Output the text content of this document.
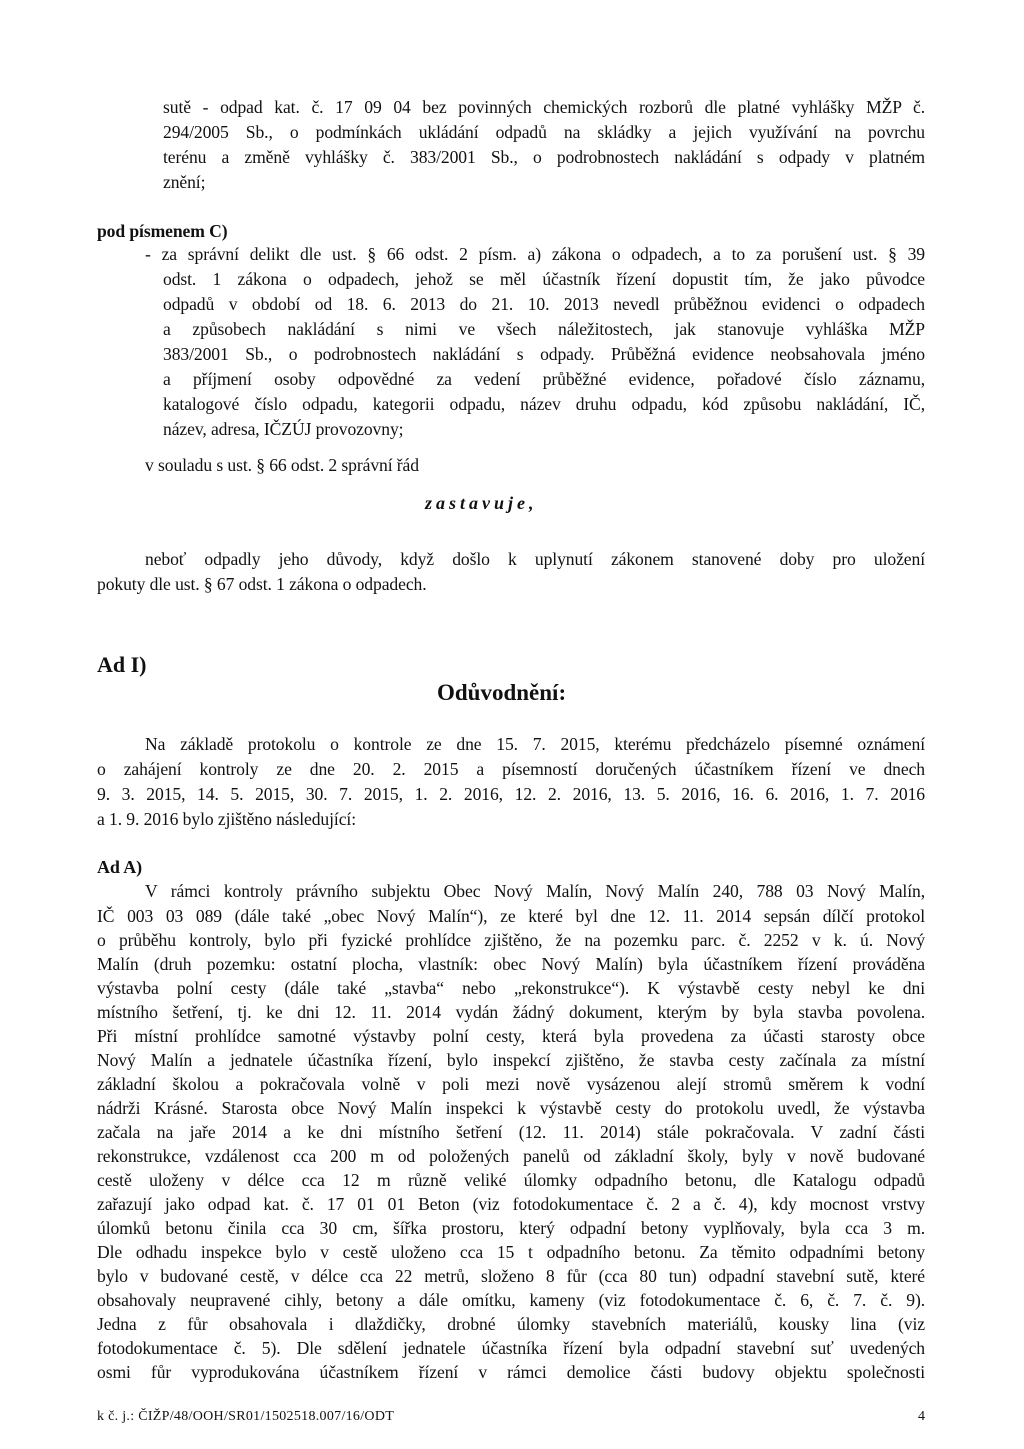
sutě - odpad kat. č. 17 09 04 bez povinných chemických rozborů dle platné vyhlášky MŽP č.
294/2005 Sb., o podmínkách ukládání odpadů na skládky a jejich využívání na povrchu
terénu a změně vyhlášky č. 383/2001 Sb., o podrobnostech nakládání s odpady v platném
znění;
pod písmenem C)
- za správní delikt dle ust. § 66 odst. 2 písm. a) zákona o odpadech, a to za porušení ust. § 39
odst. 1 zákona o odpadech, jehož se měl účastník řízení dopustit tím, že jako původce
odpadů v období od 18. 6. 2013 do 21. 10. 2013 nevedl průběžnou evidenci o odpadech
a způsobech nakládání s nimi ve všech náležitostech, jak stanovuje vyhláška MŽP
383/2001 Sb., o podrobnostech nakládání s odpady. Průběžná evidence neobsahovala jméno
a příjmení osoby odpovědné za vedení průběžné evidence, pořadové číslo záznamu,
katalogové číslo odpadu, kategorii odpadu, název druhu odpadu, kód způsobu nakládání, IČ,
název, adresa, IČZÚJ provozovny;
v souladu s ust. § 66 odst. 2 správní řád
zastavuje,
neboť odpadly jeho důvody, když došlo k uplynutí zákonem stanovené doby pro uložení
pokuty dle ust. § 67 odst. 1 zákona o odpadech.
Ad I)
Odůvodnění:
Na základě protokolu o kontrole ze dne 15. 7. 2015, kterému předcházelo písemné oznámení
o zahájení kontroly ze dne 20. 2. 2015 a písemností doručených účastníkem řízení ve dnech
9. 3. 2015, 14. 5. 2015, 30. 7. 2015, 1. 2. 2016, 12. 2. 2016, 13. 5. 2016, 16. 6. 2016, 1. 7. 2016
a 1. 9. 2016 bylo zjištěno následující:
Ad A)
V rámci kontroly právního subjektu Obec Nový Malín, Nový Malín 240, 788 03 Nový Malín,
IČ 003 03 089 (dále také „obec Nový Malín“), ze které byl dne 12. 11. 2014 sepsán dílčí protokol
o průběhu kontroly, bylo při fyzické prohlídce zjištěno, že na pozemku parc. č. 2252 v k. ú. Nový
Malín (druh pozemku: ostatní plocha, vlastník: obec Nový Malín) byla účastníkem řízení prováděna
výstavba polní cesty (dále také „stavba“ nebo „rekonstrukce“). K výstavbě cesty nebyl ke dni
místního šetření, tj. ke dni 12. 11. 2014 vydán žádný dokument, kterým by byla stavba povolena.
Při místní prohlídce samotné výstavby polní cesty, která byla provedena za účasti starosty obce
Nový Malín a jednatele účastníka řízení, bylo inspekcí zjištěno, že stavba cesty začínala za místní
základní školou a pokračovala volně v poli mezi nově vysázenou alejí stromů směrem k vodní
nádrži Krásné. Starosta obce Nový Malín inspekci k výstavbě cesty do protokolu uvedl, že výstavba
začala na jaře 2014 a ke dni místního šetření (12. 11. 2014) stále pokračovala. V zadní části
rekonstrukce, vzdálenost cca 200 m od položených panelů od základní školy, byly v nově budované
cestě uloženy v délce cca 12 m různě veliké úlomky odpadního betonu, dle Katalogu odpadů
zařazují jako odpad kat. č. 17 01 01 Beton (viz fotodokumentace č. 2 a č. 4), kdy mocnost vrstvy
úlomků betonu činila cca 30 cm, šířka prostoru, který odpadní betony vyplňovaly, byla cca 3 m.
Dle odhadu inspekce bylo v cestě uloženo cca 15 t odpadního betonu. Za těmito odpadními betony
bylo v budované cestě, v délce cca 22 metrů, složeno 8 fůr (cca 80 tun) odpadní stavební sutě, které
obsahovaly neupravené cihly, betony a dále omítku, kameny (viz fotodokumentace č. 6, č. 7. č. 9).
Jedna z fůr obsahovala i dlaždičky, drobné úlomky stavebních materiálů, kousky lina (viz
fotodokumentace č. 5). Dle sdělení jednatele účastníka řízení byla odpadní stavební suť uvedených
osmi fůr vyprodukována účastníkem řízení v rámci demolice části budovy objektu společnosti
k č. j.: ČIŽP/48/OOH/SR01/1502518.007/16/ODT	4
